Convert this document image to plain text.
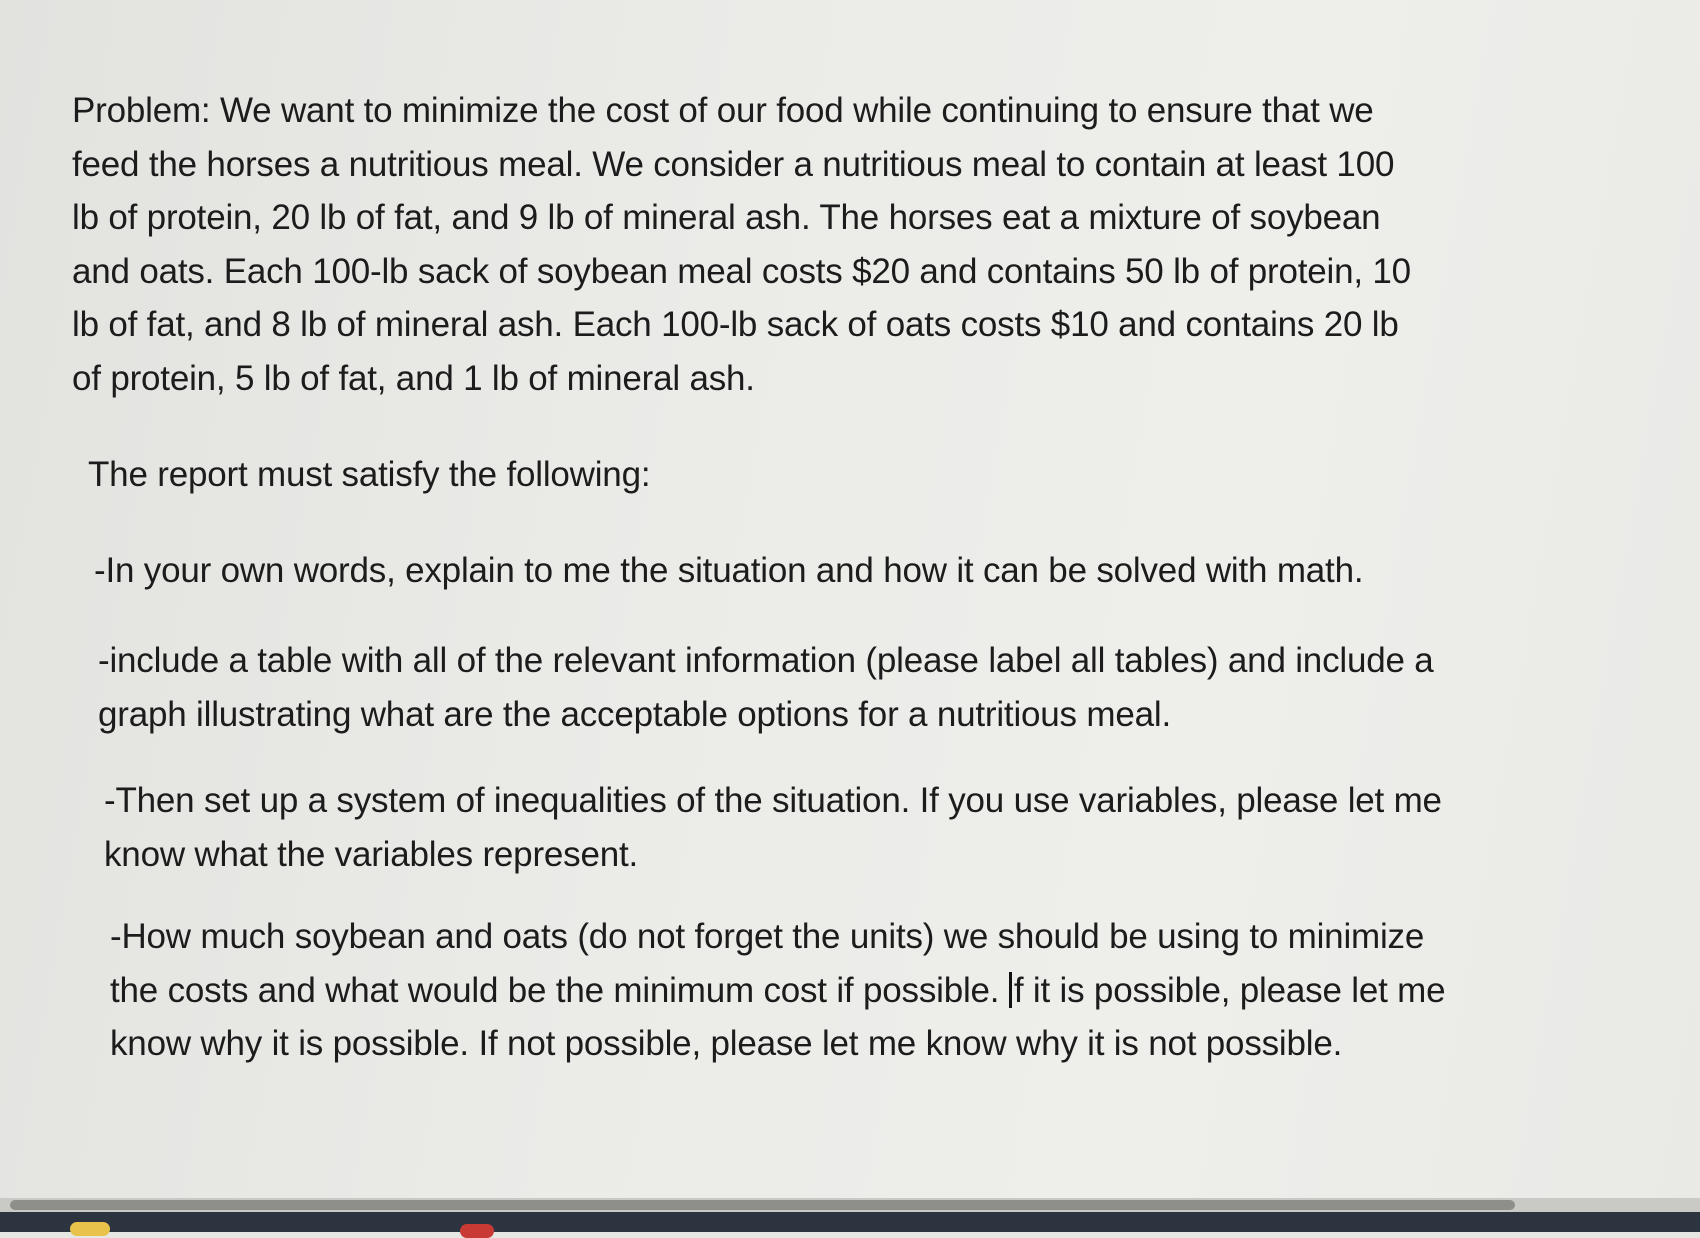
Problem: We want to minimize the cost of our food while continuing to ensure that we
feed the horses a nutritious meal. We consider a nutritious meal to contain at least 100
lb of protein, 20 lb of fat, and 9 lb of mineral ash. The horses eat a mixture of soybean
and oats. Each 100-lb sack of soybean meal costs $20 and contains 50 lb of protein, 10
lb of fat, and 8 lb of mineral ash. Each 100-lb sack of oats costs $10 and contains 20 lb
of protein, 5 lb of fat, and 1 lb of mineral ash.

The report must satisfy the following:

-In your own words, explain to me the situation and how it can be solved with math.

-include a table with all of the relevant information (please label all tables) and include a
graph illustrating what are the acceptable options for a nutritious meal.

-Then set up a system of inequalities of the situation. If you use variables, please let me
know what the variables represent.

-How much soybean and oats (do not forget the units) we should be using to minimize
the costs and what would be the minimum cost if possible. f it is possible, please let me
know why it is possible. If not possible, please let me know why it is not possible.
